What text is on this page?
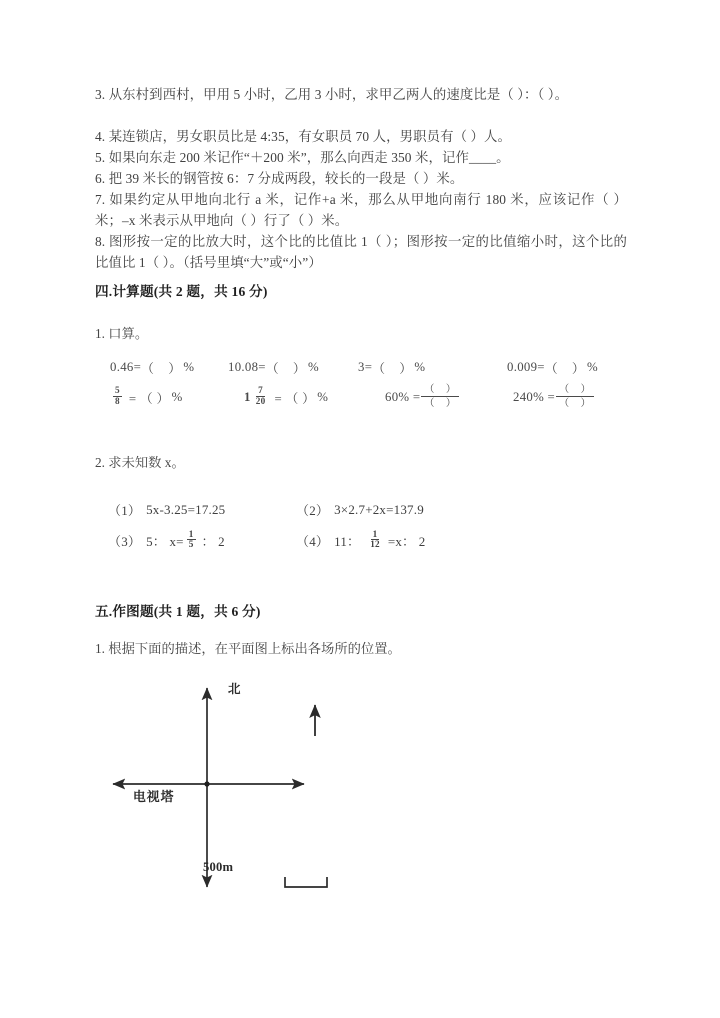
3. 从东村到西村，甲用 5 小时，乙用 3 小时，求甲乙两人的速度比是（ ）：（ ）。
4. 某连锁店，男女职员比是 4:35，有女职员 70 人，男职员有（ ）人。
5. 如果向东走 200 米记作“＋200 米”，那么向西走 350 米，记作____。
6. 把 39 米长的钢管按 6：7 分成两段，较长的一段是（ ）米。
7. 如果约定从甲地向北行 a 米，记作+a 米，那么从甲地向南行 180 米，应该记作（ ）米；–x 米表示从甲地向（ ）行了（ ）米。
8. 图形按一定的比放大时，这个比的比值比 1（ ）；图形按一定的比值缩小时，这个比的比值比 1（ ）。（括号里填“大”或“小”）
四.计算题(共 2 题，共 16 分)
1. 口算。
0.46= （    ） %	10.08= （    ） %	3= （    ） %	0.009= （    ） %
$\frac{5}{8}$ = （ ） %	$1 \frac{7}{20}$ = （ ） %	$60\% = \frac{( )}{( )}$	$240\% = \frac{( )}{( )}$
2. 求未知数 x。
（1） 5x-3.25=17.25	（2） 3×2.7+2x=137.9
（3） 5： $x= \frac{1}{5}$ ： 2	（4） 11： $\frac{1}{12} =x$： 2
五.作图题(共 1 题，共 6 分)
1. 根据下面的描述，在平面图上标出各场所的位置。
电视塔
北
500m
